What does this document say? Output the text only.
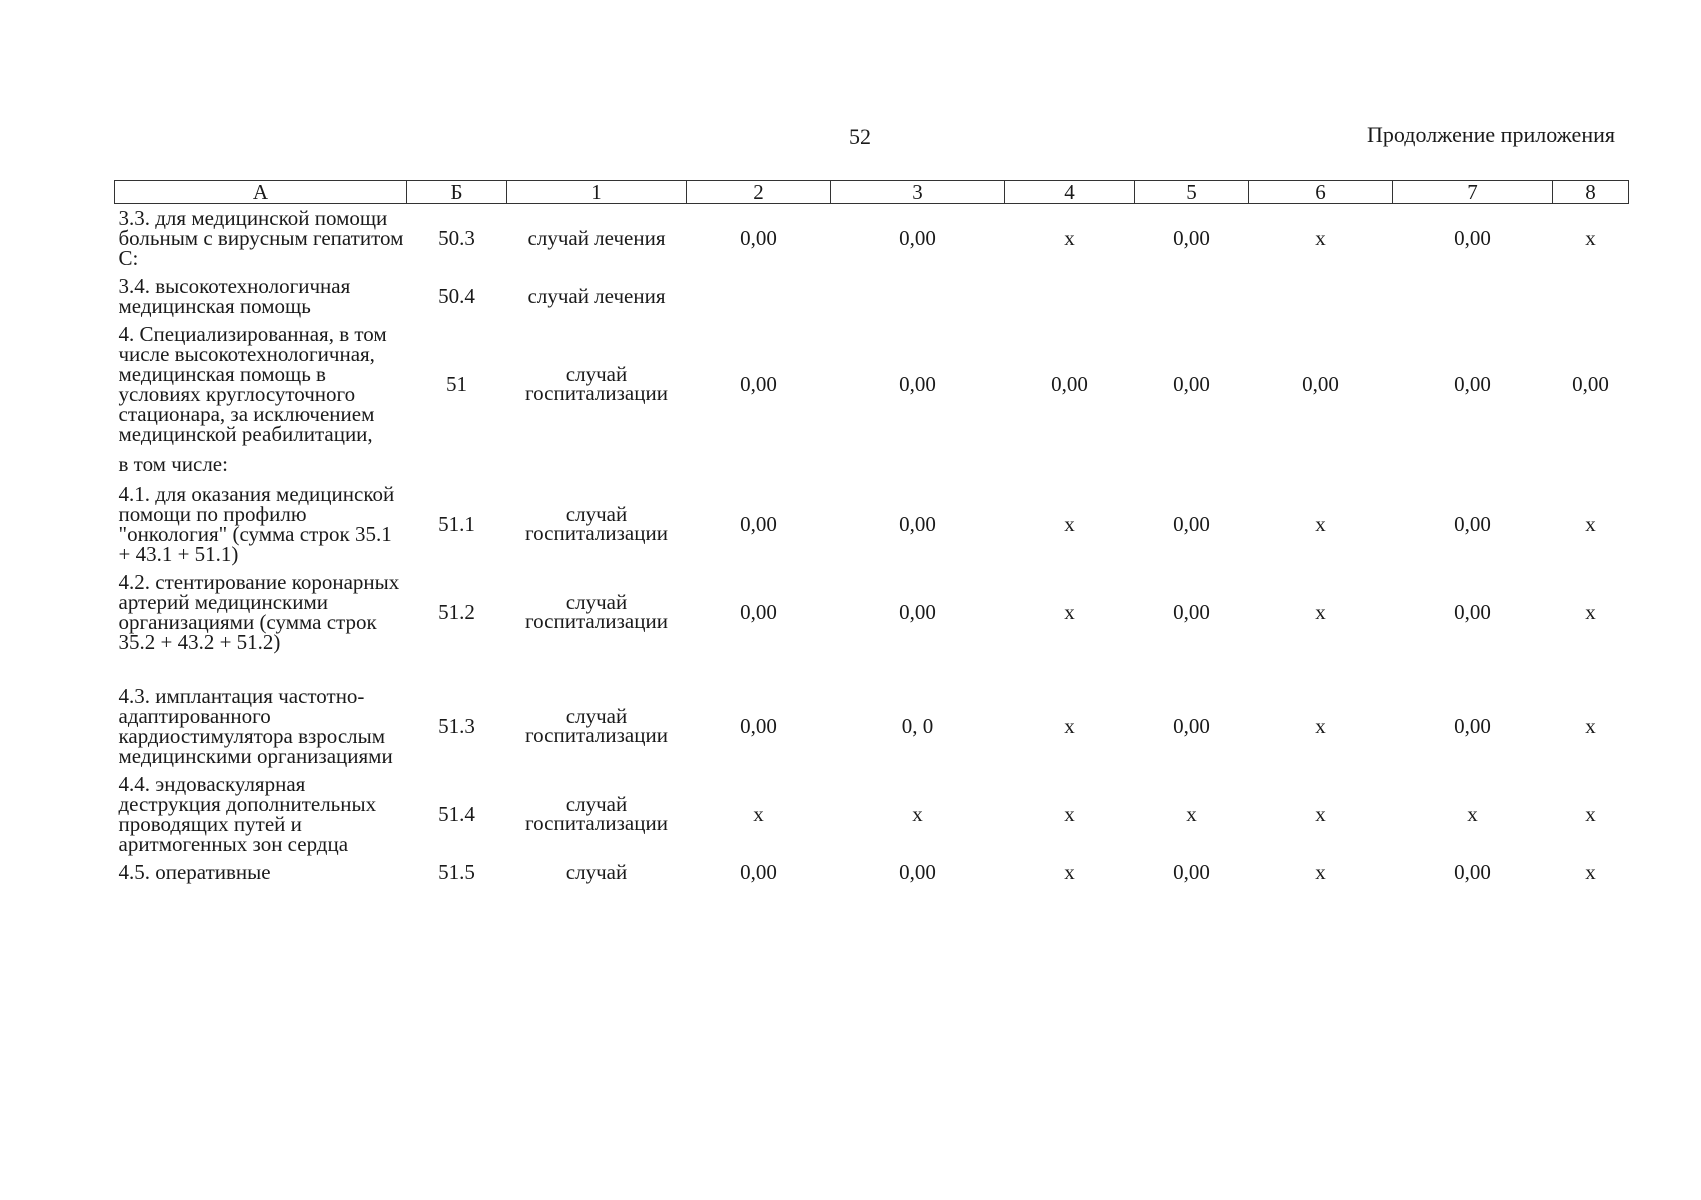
52	Продолжение приложения
А	Б	1	2	3	4	5	6	7	8
3.3. для медицинской помощи больным с вирусным гепатитом С:	50.3	случай лечения	0,00	0,00	x	0,00	x	0,00	x
3.4. высокотехнологичная медицинская помощь	50.4	случай лечения							
4. Специализированная, в том числе высокотехнологичная, медицинская помощь в условиях круглосуточного стационара, за исключением медицинской реабилитации,	51	случай госпитализации	0,00	0,00	0,00	0,00	0,00	0,00	0,00
в том числе:									
4.1. для оказания медицинской помощи по профилю "онкология" (сумма строк 35.1 + 43.1 + 51.1)	51.1	случай госпитализации	0,00	0,00	x	0,00	x	0,00	x
4.2. стентирование коронарных артерий медицинскими организациями (сумма строк 35.2 + 43.2 + 51.2)	51.2	случай госпитализации	0,00	0,00	x	0,00	x	0,00	x
4.3. имплантация частотно-адаптированного кардиостимулятора взрослым медицинскими организациями	51.3	случай госпитализации	0,00	0, 0	x	0,00	x	0,00	x
4.4. эндоваскулярная деструкция дополнительных проводящих путей и аритмогенных зон сердца	51.4	случай госпитализации	x	x	x	x	x	x	x
4.5. оперативные	51.5	случай	0,00	0,00	x	0,00	x	0,00	x
